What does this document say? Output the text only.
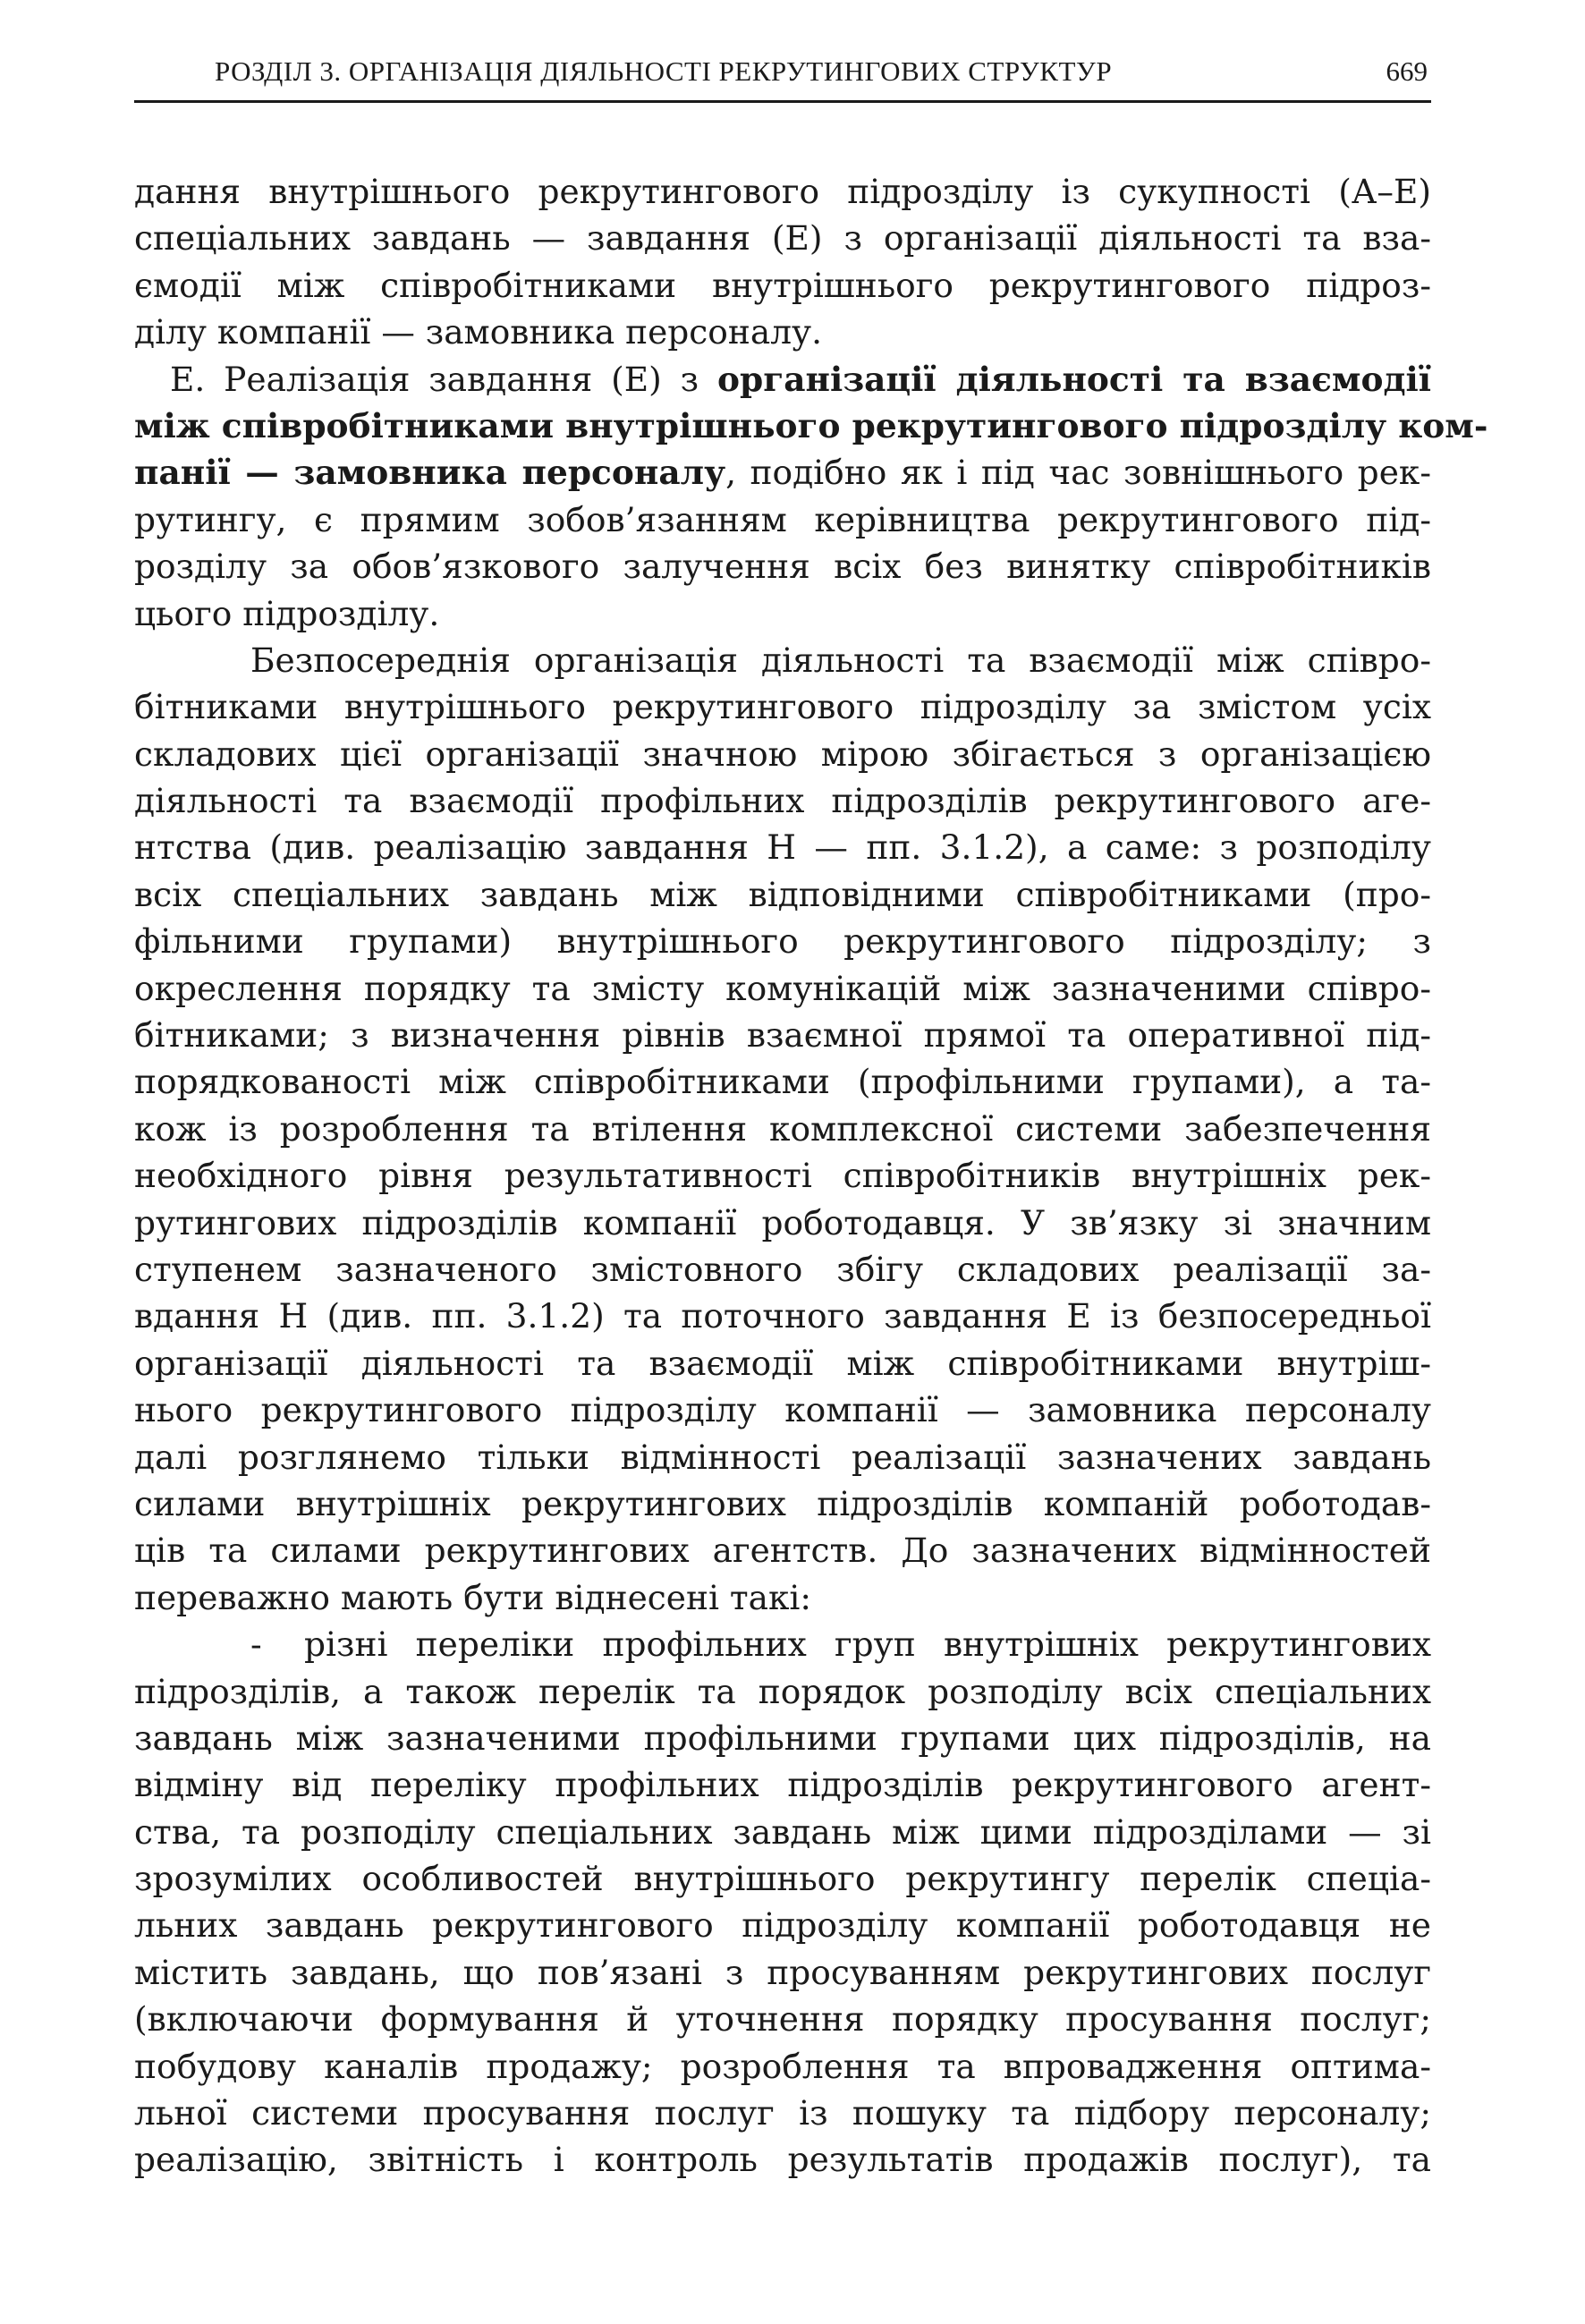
РОЗДІЛ 3. ОРГАНІЗАЦІЯ ДІЯЛЬНОСТІ РЕКРУТИНГОВИХ СТРУКТУР	669
дання внутрішнього рекрутингового підрозділу із сукупності (А–Е)
спеціальних завдань — завдання (Е) з організації діяльності та вза-
ємодії між співробітниками внутрішнього рекрутингового підроз-
ділу компанії — замовника персоналу.
Е. Реалізація завдання (Е) з організації діяльності та взаємодії
між співробітниками внутрішнього рекрутингового підрозділу ком-
панії — замовника персоналу, подібно як і під час зовнішнього рек-
рутингу, є прямим зобов’язанням керівництва рекрутингового під-
розділу за обов’язкового залучення всіх без винятку співробітників
цього підрозділу.
Безпосереднія організація діяльності та взаємодії між співро-
бітниками внутрішнього рекрутингового підрозділу за змістом усіх
складових цієї організації значною мірою збігається з організацією
діяльності та взаємодії профільних підрозділів рекрутингового аге-
нтства (див. реалізацію завдання Н — пп. 3.1.2), а саме: з розподілу
всіх спеціальних завдань між відповідними співробітниками (про-
фільними групами) внутрішнього рекрутингового підрозділу; з
окреслення порядку та змісту комунікацій між зазначеними співро-
бітниками; з визначення рівнів взаємної прямої та оперативної під-
порядкованості між співробітниками (профільними групами), а та-
кож із розроблення та втілення комплексної системи забезпечення
необхідного рівня результативності співробітників внутрішніх рек-
рутингових підрозділів компанії роботодавця. У зв’язку зі значним
ступенем зазначеного змістовного збігу складових реалізації за-
вдання Н (див. пп. 3.1.2) та поточного завдання Е із безпосередньої
організації діяльності та взаємодії між співробітниками внутріш-
нього рекрутингового підрозділу компанії — замовника персоналу
далі розглянемо тільки відмінності реалізації зазначених завдань
силами внутрішніх рекрутингових підрозділів компаній роботодав-
ців та силами рекрутингових агентств. До зазначених відмінностей
переважно мають бути віднесені такі:
- різні переліки профільних груп внутрішніх рекрутингових
підрозділів, а також перелік та порядок розподілу всіх спеціальних
завдань між зазначеними профільними групами цих підрозділів, на
відміну від переліку профільних підрозділів рекрутингового агент-
ства, та розподілу спеціальних завдань між цими підрозділами — зі
зрозумілих особливостей внутрішнього рекрутингу перелік спеціа-
льних завдань рекрутингового підрозділу компанії роботодавця не
містить завдань, що пов’язані з просуванням рекрутингових послуг
(включаючи формування й уточнення порядку просування послуг;
побудову каналів продажу; розроблення та впровадження оптима-
льної системи просування послуг із пошуку та підбору персоналу;
реалізацію, звітність і контроль результатів продажів послуг), та
